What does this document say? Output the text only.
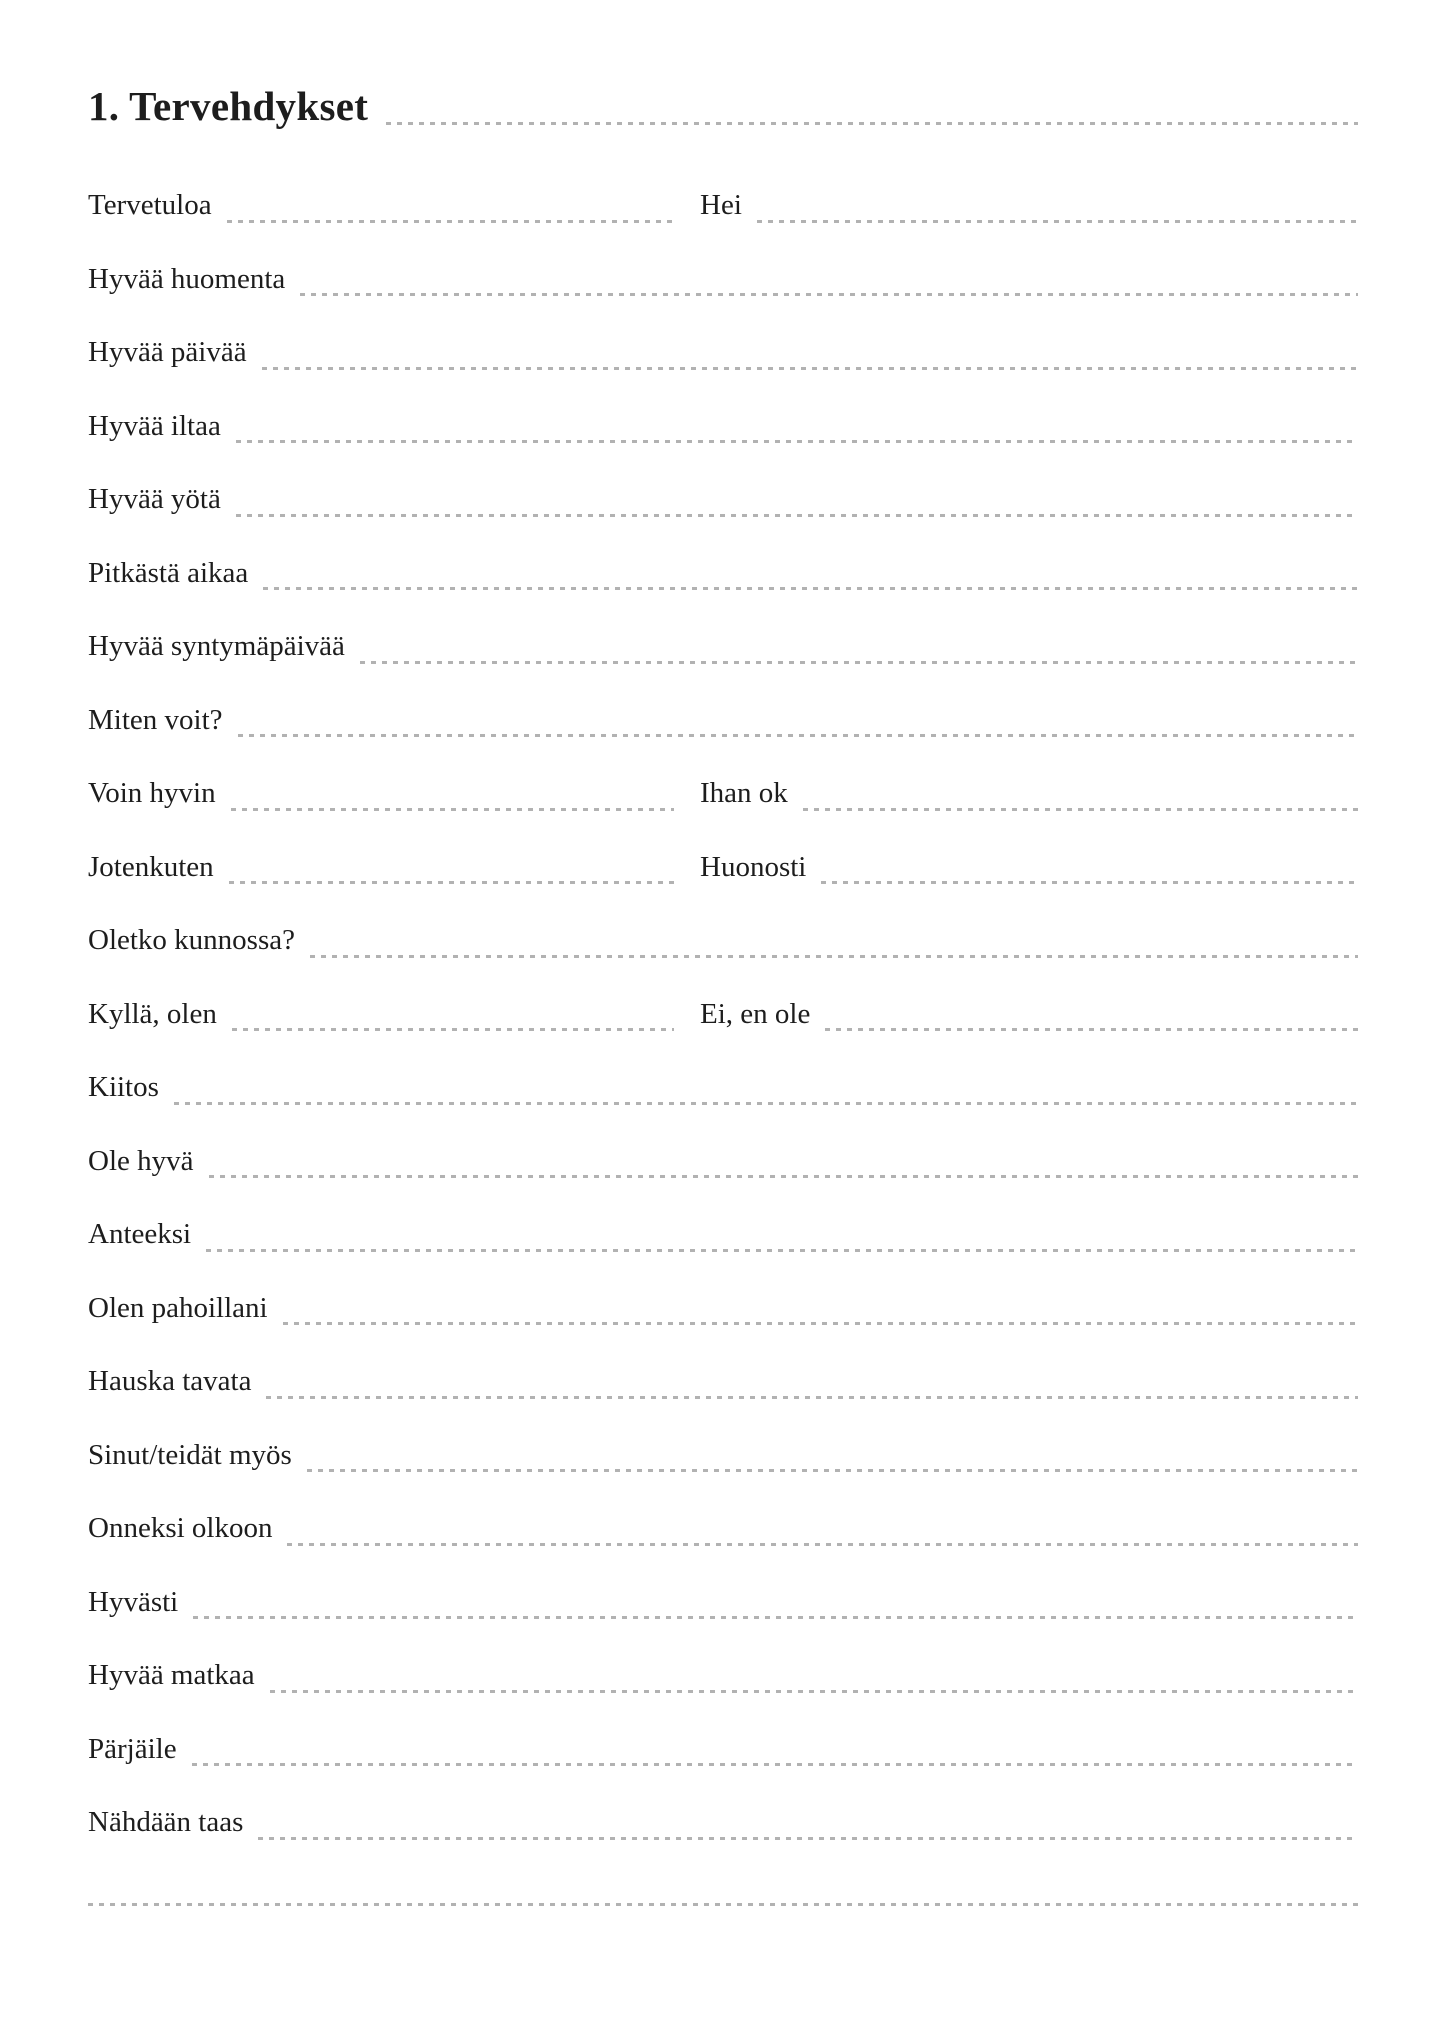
1. Tervehdykset
Tervetuloa	Hei
Hyvää huomenta
Hyvää päivää
Hyvää iltaa
Hyvää yötä
Pitkästä aikaa
Hyvää syntymäpäivää
Miten voit?
Voin hyvin	Ihan ok
Jotenkuten	Huonosti
Oletko kunnossa?
Kyllä, olen	Ei, en ole
Kiitos
Ole hyvä
Anteeksi
Olen pahoillani
Hauska tavata
Sinut/teidät myös
Onneksi olkoon
Hyvästi
Hyvää matkaa
Pärjäile
Nähdään taas
